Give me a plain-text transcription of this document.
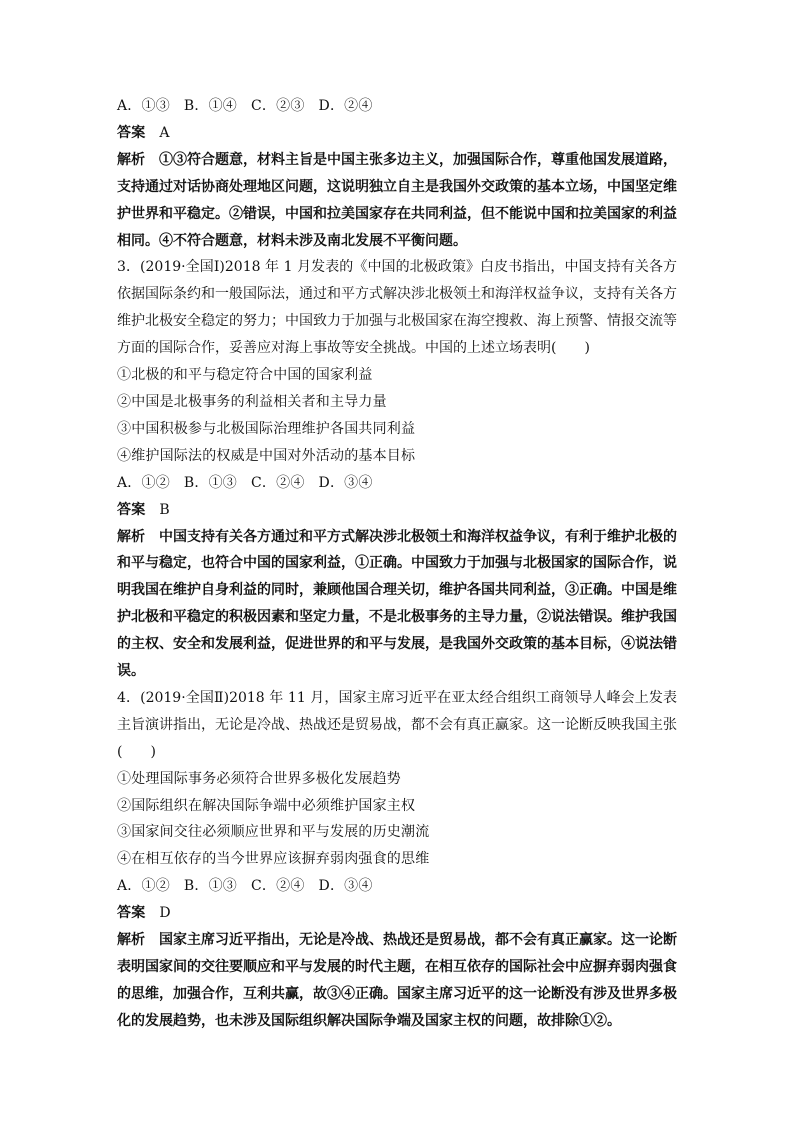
A．①③ B．①④ C．②③ D．②④
答案 A
解析 ①③符合题意，材料主旨是中国主张多边主义，加强国际合作，尊重他国发展道路，支持通过对话协商处理地区问题，这说明独立自主是我国外交政策的基本立场，中国坚定维护世界和平稳定。②错误，中国和拉美国家存在共同利益，但不能说中国和拉美国家的利益相同。④不符合题意，材料未涉及南北发展不平衡问题。
3．(2019·全国Ⅰ)2018 年 1 月发表的《中国的北极政策》白皮书指出，中国支持有关各方依据国际条约和一般国际法，通过和平方式解决涉北极领土和海洋权益争议，支持有关各方维护北极安全稳定的努力；中国致力于加强与北极国家在海空搜救、海上预警、情报交流等方面的国际合作，妥善应对海上事故等安全挑战。中国的上述立场表明(　　)
①北极的和平与稳定符合中国的国家利益
②中国是北极事务的利益相关者和主导力量
③中国积极参与北极国际治理维护各国共同利益
④维护国际法的权威是中国对外活动的基本目标
A．①② B．①③ C．②④ D．③④
答案 B
解析 中国支持有关各方通过和平方式解决涉北极领土和海洋权益争议，有利于维护北极的和平与稳定，也符合中国的国家利益，①正确。中国致力于加强与北极国家的国际合作，说明我国在维护自身利益的同时，兼顾他国合理关切，维护各国共同利益，③正确。中国是维护北极和平稳定的积极因素和坚定力量，不是北极事务的主导力量，②说法错误。维护我国的主权、安全和发展利益，促进世界的和平与发展，是我国外交政策的基本目标，④说法错误。
4．(2019·全国Ⅱ)2018 年 11 月，国家主席习近平在亚太经合组织工商领导人峰会上发表主旨演讲指出，无论是冷战、热战还是贸易战，都不会有真正赢家。这一论断反映我国主张(　　)
①处理国际事务必须符合世界多极化发展趋势
②国际组织在解决国际争端中必须维护国家主权
③国家间交往必须顺应世界和平与发展的历史潮流
④在相互依存的当今世界应该摒弃弱肉强食的思维
A．①② B．①③ C．②④ D．③④
答案 D
解析 国家主席习近平指出，无论是冷战、热战还是贸易战，都不会有真正赢家。这一论断表明国家间的交往要顺应和平与发展的时代主题，在相互依存的国际社会中应摒弃弱肉强食的思维，加强合作，互利共赢，故③④正确。国家主席习近平的这一论断没有涉及世界多极化的发展趋势，也未涉及国际组织解决国际争端及国家主权的问题，故排除①②。
